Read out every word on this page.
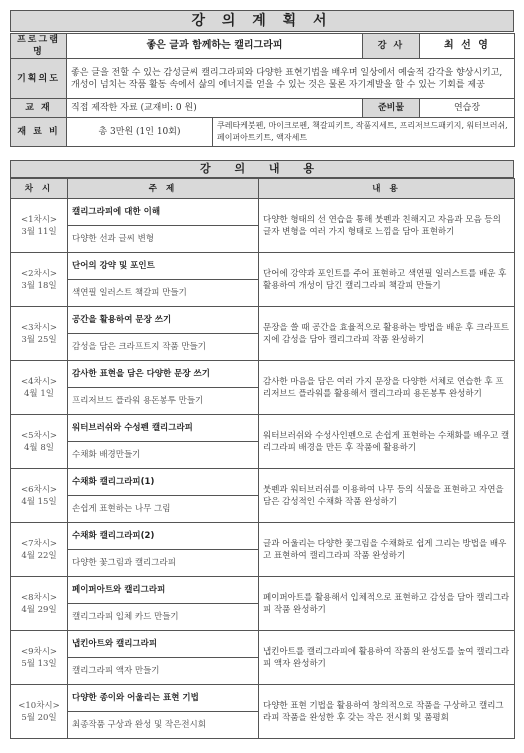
강 의 계 획 서
프로그램명	좋은 글과 함께하는 캘리그라피		강 사	최 선 영
기획의도	좋은 글을 전할 수 있는 감성글씨 캘리그라피와 다양한 표현기법을 배우며 일상에서 예술적 감각을 향상시키고, 개성이 넘치는 작품 활동 속에서 삶의 에너지를 얻을 수 있는 것은 물론 자기계발을 할 수 있는 기회를 제공			
교 재	직접 제작한 자료 (교재비: 0 원)		준비물	연습장
재 료 비	총 3만원 (1인 10회)	쿠레타케붓펜, 마이크로펜, 책갈피키트, 작품지세트, 프리저브드패키지, 워터브러쉬, 페이퍼아트키트, 액자세트		
강 의 내 용
차 시	주 제	내 용

<1차시>
3월 11일	캘리그라피에 대한 이해	다양한 형태의 선 연습을 통해 붓펜과 친해지고 자음과 모음 등의 글자 변형을 여러 가지 형태로 느낌을 담아 표현하기
	다양한 선과 글씨 변형	

<2차시>
3월 18일	단어의 강약 및 포인트	단어에 강약과 포인트를 주어 표현하고 색연필 일러스트를 배운 후 활용하여 개성이 담긴 캘리그라피 책갈피 만들기
	색연필 일러스트 책갈피 만들기	

<3차시>
3월 25일	공간을 활용하여 문장 쓰기	문장을 쓸 때 공간을 효율적으로 활용하는 방법을 배운 후 크라프트지에 감성을 담아 캘리그라피 작품 완성하기
	감성을 담은 크라프트지 작품 만들기	

<4차시>
4월 1일	감사한 표현을 담은 다양한 문장 쓰기	감사한 마음을 담은 여러 가지 문장을 다양한 서체로 연습한 후 프리저브드 플라워를 활용해서 캘리그라피 용돈봉투 완성하기
	프리저브드 플라워 용돈봉투 만들기	

<5차시>
4월 8일	워터브러쉬와 수성펜 캘리그라피	워터브러쉬와 수성사인펜으로 손쉽게 표현하는 수채화를 배우고 캘리그라피 배경을 만든 후 작품에 활용하기
	수채화 배경만들기	

<6차시>
4월 15일	수채화 캘리그라피(1)	붓펜과 워터브러쉬를 이용하여 나무 등의 식물을 표현하고 자연을 담은 감성적인 수채화 작품 완성하기
	손쉽게 표현하는 나무 그림	

<7차시>
4월 22일	수채화 캘리그라피(2)	글과 어울리는 다양한 꽃그림을 수채화로 쉽게 그리는 방법을 배우고 표현하여 캘리그라피 작품 완성하기
	다양한 꽃그림과 캘리그라피	

<8차시>
4월 29일	페이퍼아트와 캘리그라피	페이퍼아트를 활용해서 입체적으로 표현하고 감성을 담아 캘리그라피 작품 완성하기
	캘리그라피 입체 카드 만들기	

<9차시>
5월 13일	냅킨아트와 캘리그라피	냅킨아트를 캘리그라피에 활용하여 작품의 완성도를 높여 캘리그라피 액자 완성하기
	캘리그라피 액자 만들기	

<10차시>
5월 20일	다양한 종이와 어울리는 표현 기법	다양한 표현 기법을 활용하여 창의적으로 작품을 구상하고 캘리그라피 작품을 완성한 후 갖는 작은 전시회 및 품평회
	최종작품 구상과 완성 및 작은전시회	
